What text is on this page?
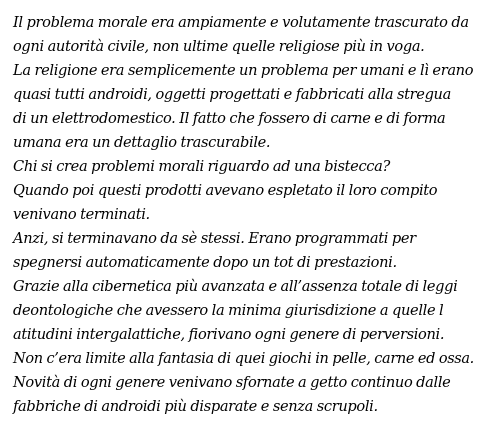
Il problema morale era ampiamente e volutamente trascurato da
ogni autorità civile, non ultime quelle religiose più in voga.
La religione era semplicemente un problema per umani e lì erano
quasi tutti androidi, oggetti progettati e fabbricati alla stregua
di un elettrodomestico. Il fatto che fossero di carne e di forma
umana era un dettaglio trascurabile.
Chi si crea problemi morali riguardo ad una bistecca?
Quando poi questi prodotti avevano espletato il loro compito
venivano terminati.
Anzi, si terminavano da sè stessi. Erano programmati per
spegnersi automaticamente dopo un tot di prestazioni.
Grazie alla cibernetica più avanzata e all’assenza totale di leggi
deontologiche che avessero la minima giurisdizione a quelle l
atitudini intergalattiche, fiorivano ogni genere di perversioni.
Non c’era limite alla fantasia di quei giochi in pelle, carne ed ossa.
Novità di ogni genere venivano sfornate a getto continuo dalle
fabbriche di androidi più disparate e senza scrupoli.
